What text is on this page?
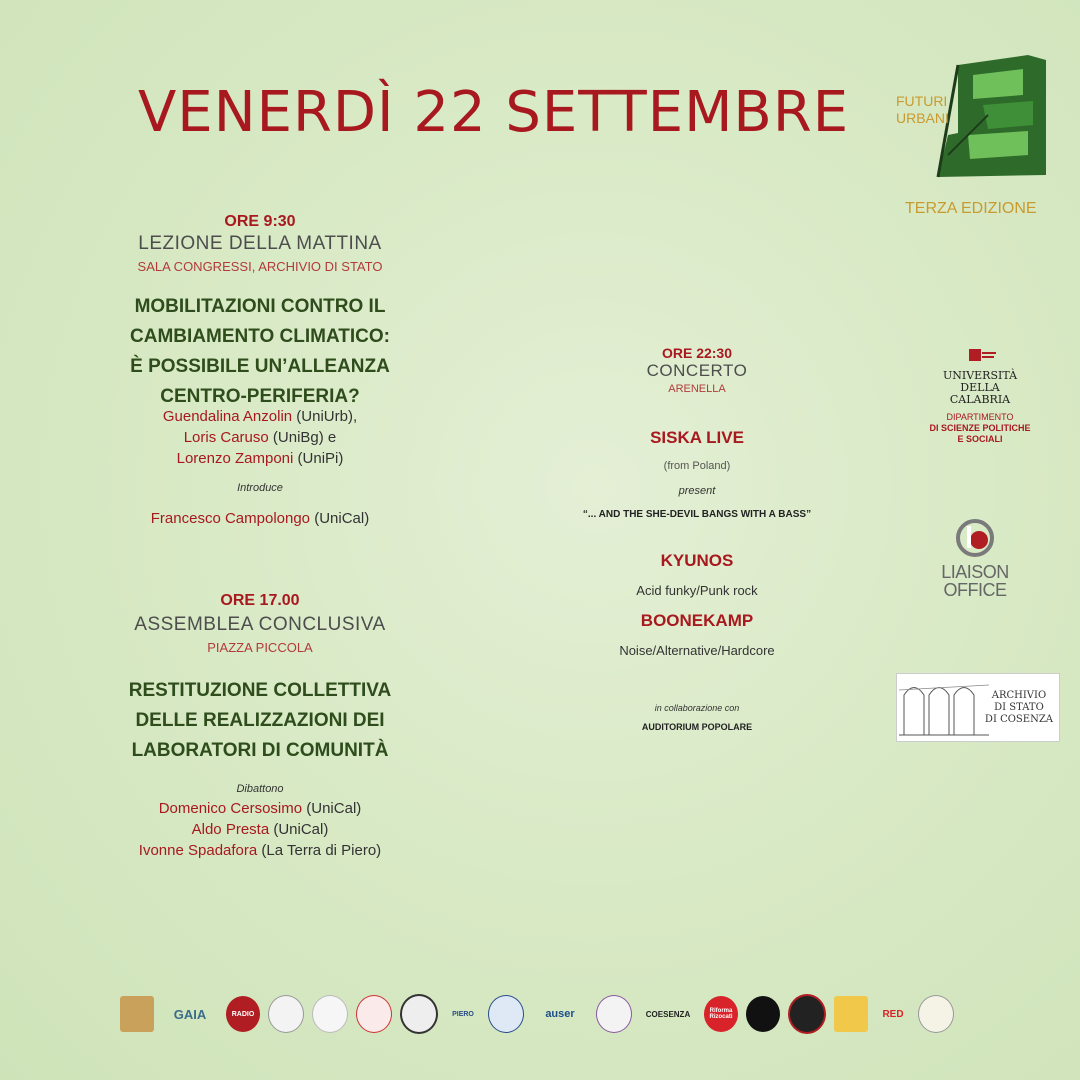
VENERDÌ 22 SETTEMBRE	FUTURI
URBANI
TERZA EDIZIONE
ORE 9:30
LEZIONE DELLA MATTINA
SALA CONGRESSI, ARCHIVIO DI STATO
MOBILITAZIONI CONTRO IL
CAMBIAMENTO CLIMATICO:
È POSSIBILE UN’ALLEANZA
CENTRO-PERIFERIA?
Guendalina Anzolin (UniUrb),
Loris Caruso (UniBg) e
Lorenzo Zamponi (UniPi)
Introduce
Francesco Campolongo (UniCal)
ORE 17.00
ASSEMBLEA CONCLUSIVA
PIAZZA PICCOLA
RESTITUZIONE COLLETTIVA
DELLE REALIZZAZIONI DEI
LABORATORI DI COMUNITÀ
Dibattono
Domenico Cersosimo (UniCal)
Aldo Presta (UniCal)
Ivonne Spadafora (La Terra di Piero)
ORE 22:30
CONCERTO
ARENELLA
SISKA LIVE
(from Poland)
present
“... AND THE SHE-DEVIL BANGS WITH A BASS”
KYUNOS
Acid funky/Punk rock
BOONEKAMP
Noise/Alternative/Hardcore
in collaborazione con
AUDITORIUM POPOLARE
UNIVERSITÀ DELLA
CALABRIA
DIPARTIMENTO
DI SCIENZE POLITICHE
E SOCIALI
LIAISON
OFFICE
ARCHIVIO
DI STATO
DI COSENZA
GAIA	RADIO	PIERO	auser	COESENZA	Riforma Rizocati	RED
